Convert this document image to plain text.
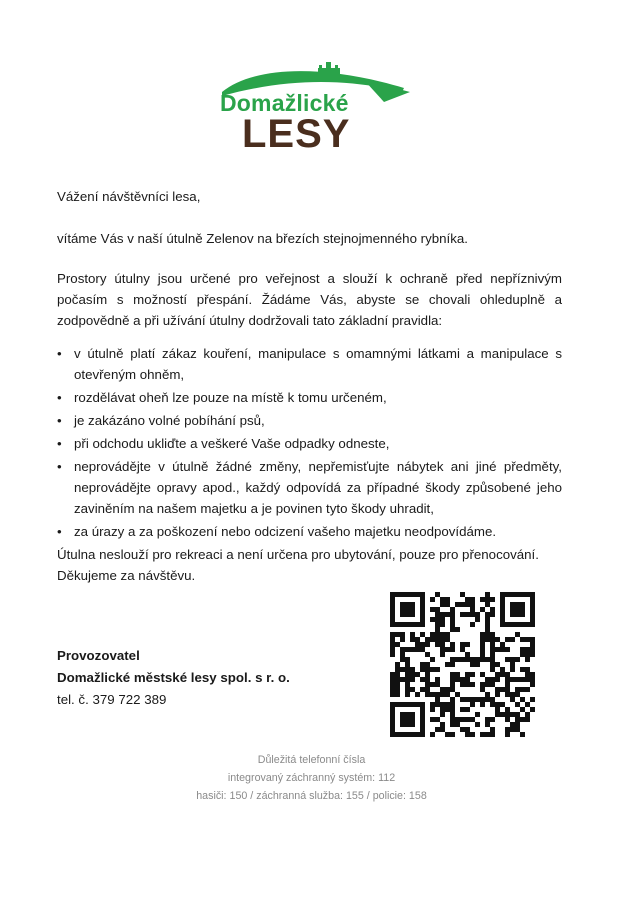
Domažlické
LESY
Vážení návštěvníci lesa,
vítáme Vás v naší útulně Zelenov na březích stejnojmenného rybníka.
Prostory útulny jsou určené pro veřejnost a slouží k ochraně před nepříznivým počasím s možností přespání. Žádáme Vás, abyste se chovali ohleduplně a zodpovědně a při užívání útulny dodržovali tato základní pravidla:
• v útulně platí zákaz kouření, manipulace s omamnými látkami a manipulace s otevřeným ohněm,
• rozdělávat oheň lze pouze na místě k tomu určeném,
• je zakázáno volné pobíhání psů,
• při odchodu ukliďte a veškeré Vaše odpadky odneste,
• neprovádějte v útulně žádné změny, nepřemisťujte nábytek ani jiné předměty, neprovádějte opravy apod., každý odpovídá za případné škody způsobené jeho zaviněním na našem majetku a je povinen tyto škody uhradit,
• za úrazy a za poškození nebo odcizení vašeho majetku neodpovídáme.
Útulna neslouží pro rekreaci a není určena pro ubytování, pouze pro přenocování.
Děkujeme za návštěvu.
Provozovatel
Domažlické městské lesy spol. s r. o.
tel. č. 379 722 389
Důležitá telefonní čísla
integrovaný záchranný systém: 112
hasiči: 150 / záchranná služba: 155 / policie: 158
